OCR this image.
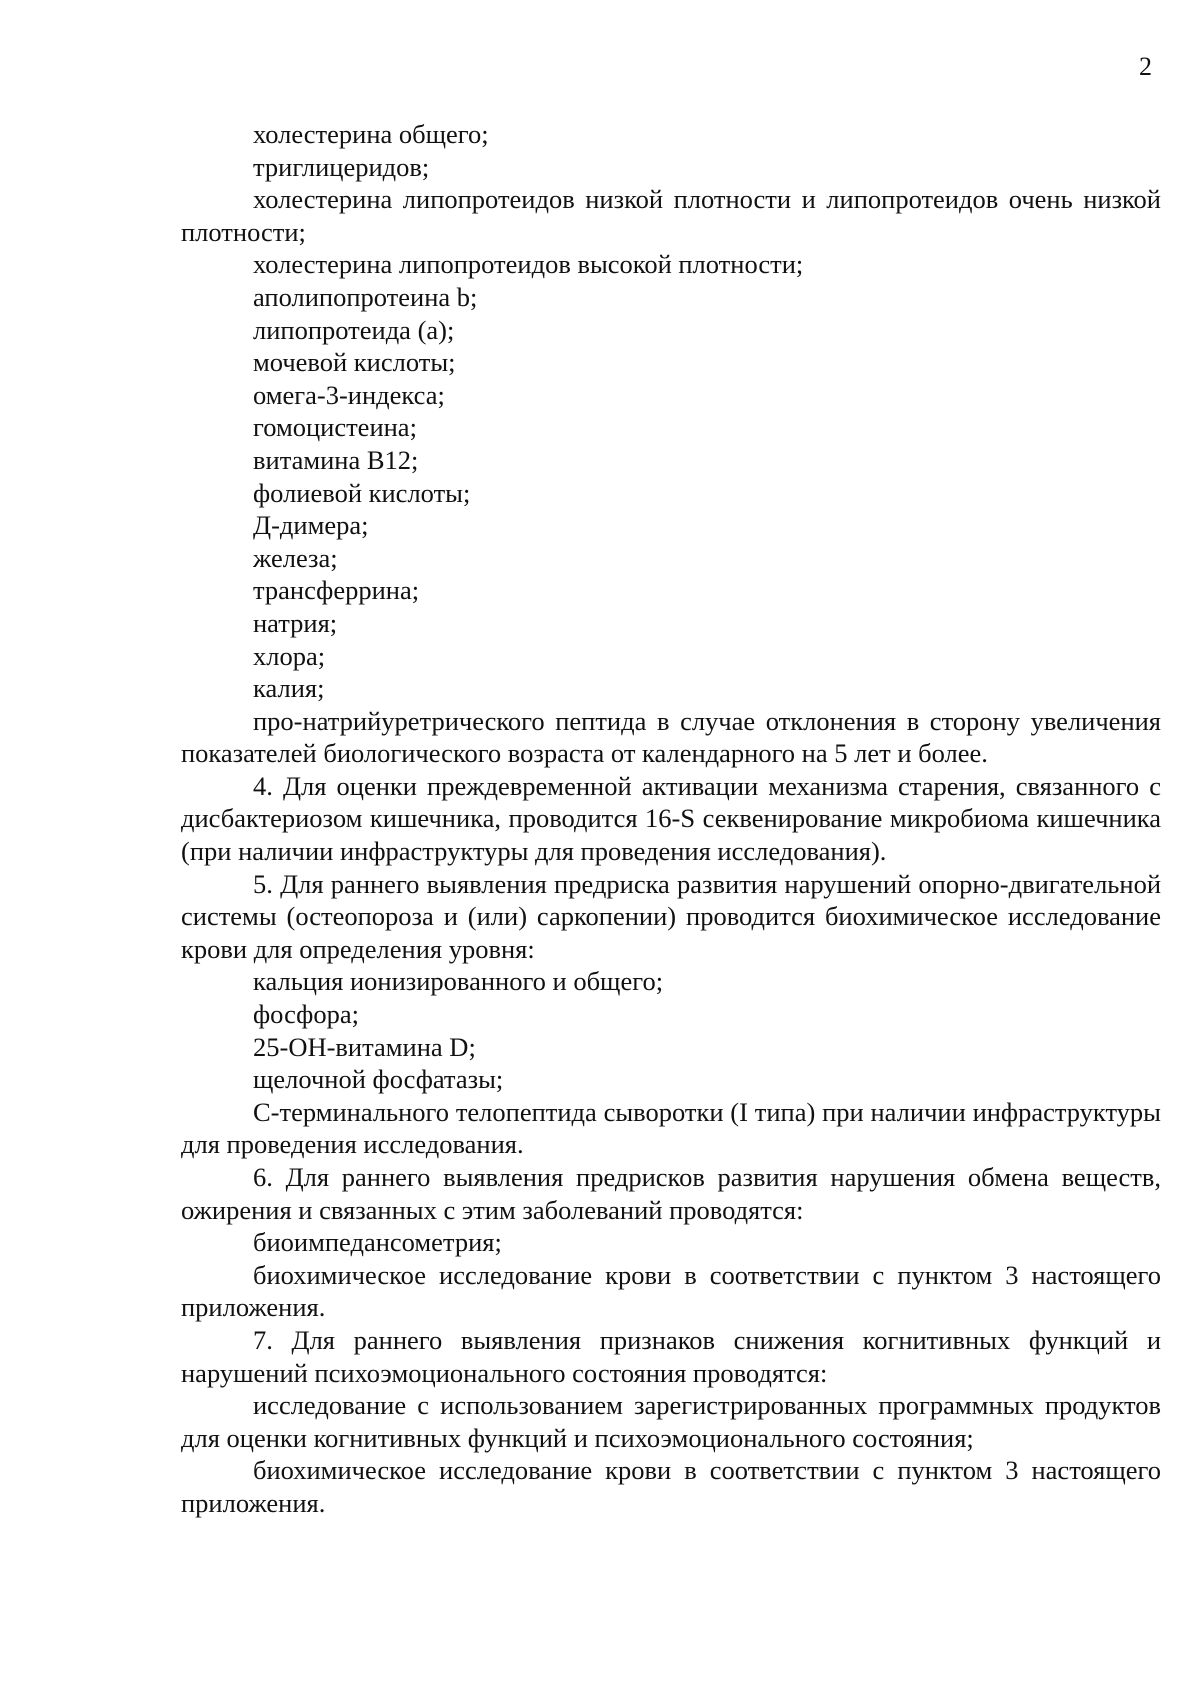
2

холестерина общего;

триглицеридов;

холестерина липопротеидов низкой плотности и липопротеидов очень низкой плотности;

холестерина липопротеидов высокой плотности;

аполипопротеина b;

липопротеида (а);

мочевой кислоты;

омега-3-индекса;

гомоцистеина;

витамина В12;

фолиевой кислоты;

Д-димера;

железа;

трансферрина;

натрия;

хлора;

калия;

про-натрийуретрического пептида в случае отклонения в сторону увеличения показателей биологического возраста от календарного на 5 лет и более.

4. Для оценки преждевременной активации механизма старения, связанного с дисбактериозом кишечника, проводится 16-S секвенирование микробиома кишечника (при наличии инфраструктуры для проведения исследования).

5. Для раннего выявления предриска развития нарушений опорно-двигательной системы (остеопороза и (или) саркопении) проводится биохимическое исследование крови для определения уровня:

кальция ионизированного и общего;

фосфора;

25-ОН-витамина D;

щелочной фосфатазы;

С-терминального телопептида сыворотки (I типа) при наличии инфраструктуры для проведения исследования.

6. Для раннего выявления предрисков развития нарушения обмена веществ, ожирения и связанных с этим заболеваний проводятся:

биоимпедансометрия;

биохимическое исследование крови в соответствии с пунктом 3 настоящего приложения.

7. Для раннего выявления признаков снижения когнитивных функций и нарушений психоэмоционального состояния проводятся:

исследование с использованием зарегистрированных программных продуктов для оценки когнитивных функций и психоэмоционального состояния;

биохимическое исследование крови в соответствии с пунктом 3 настоящего приложения.
